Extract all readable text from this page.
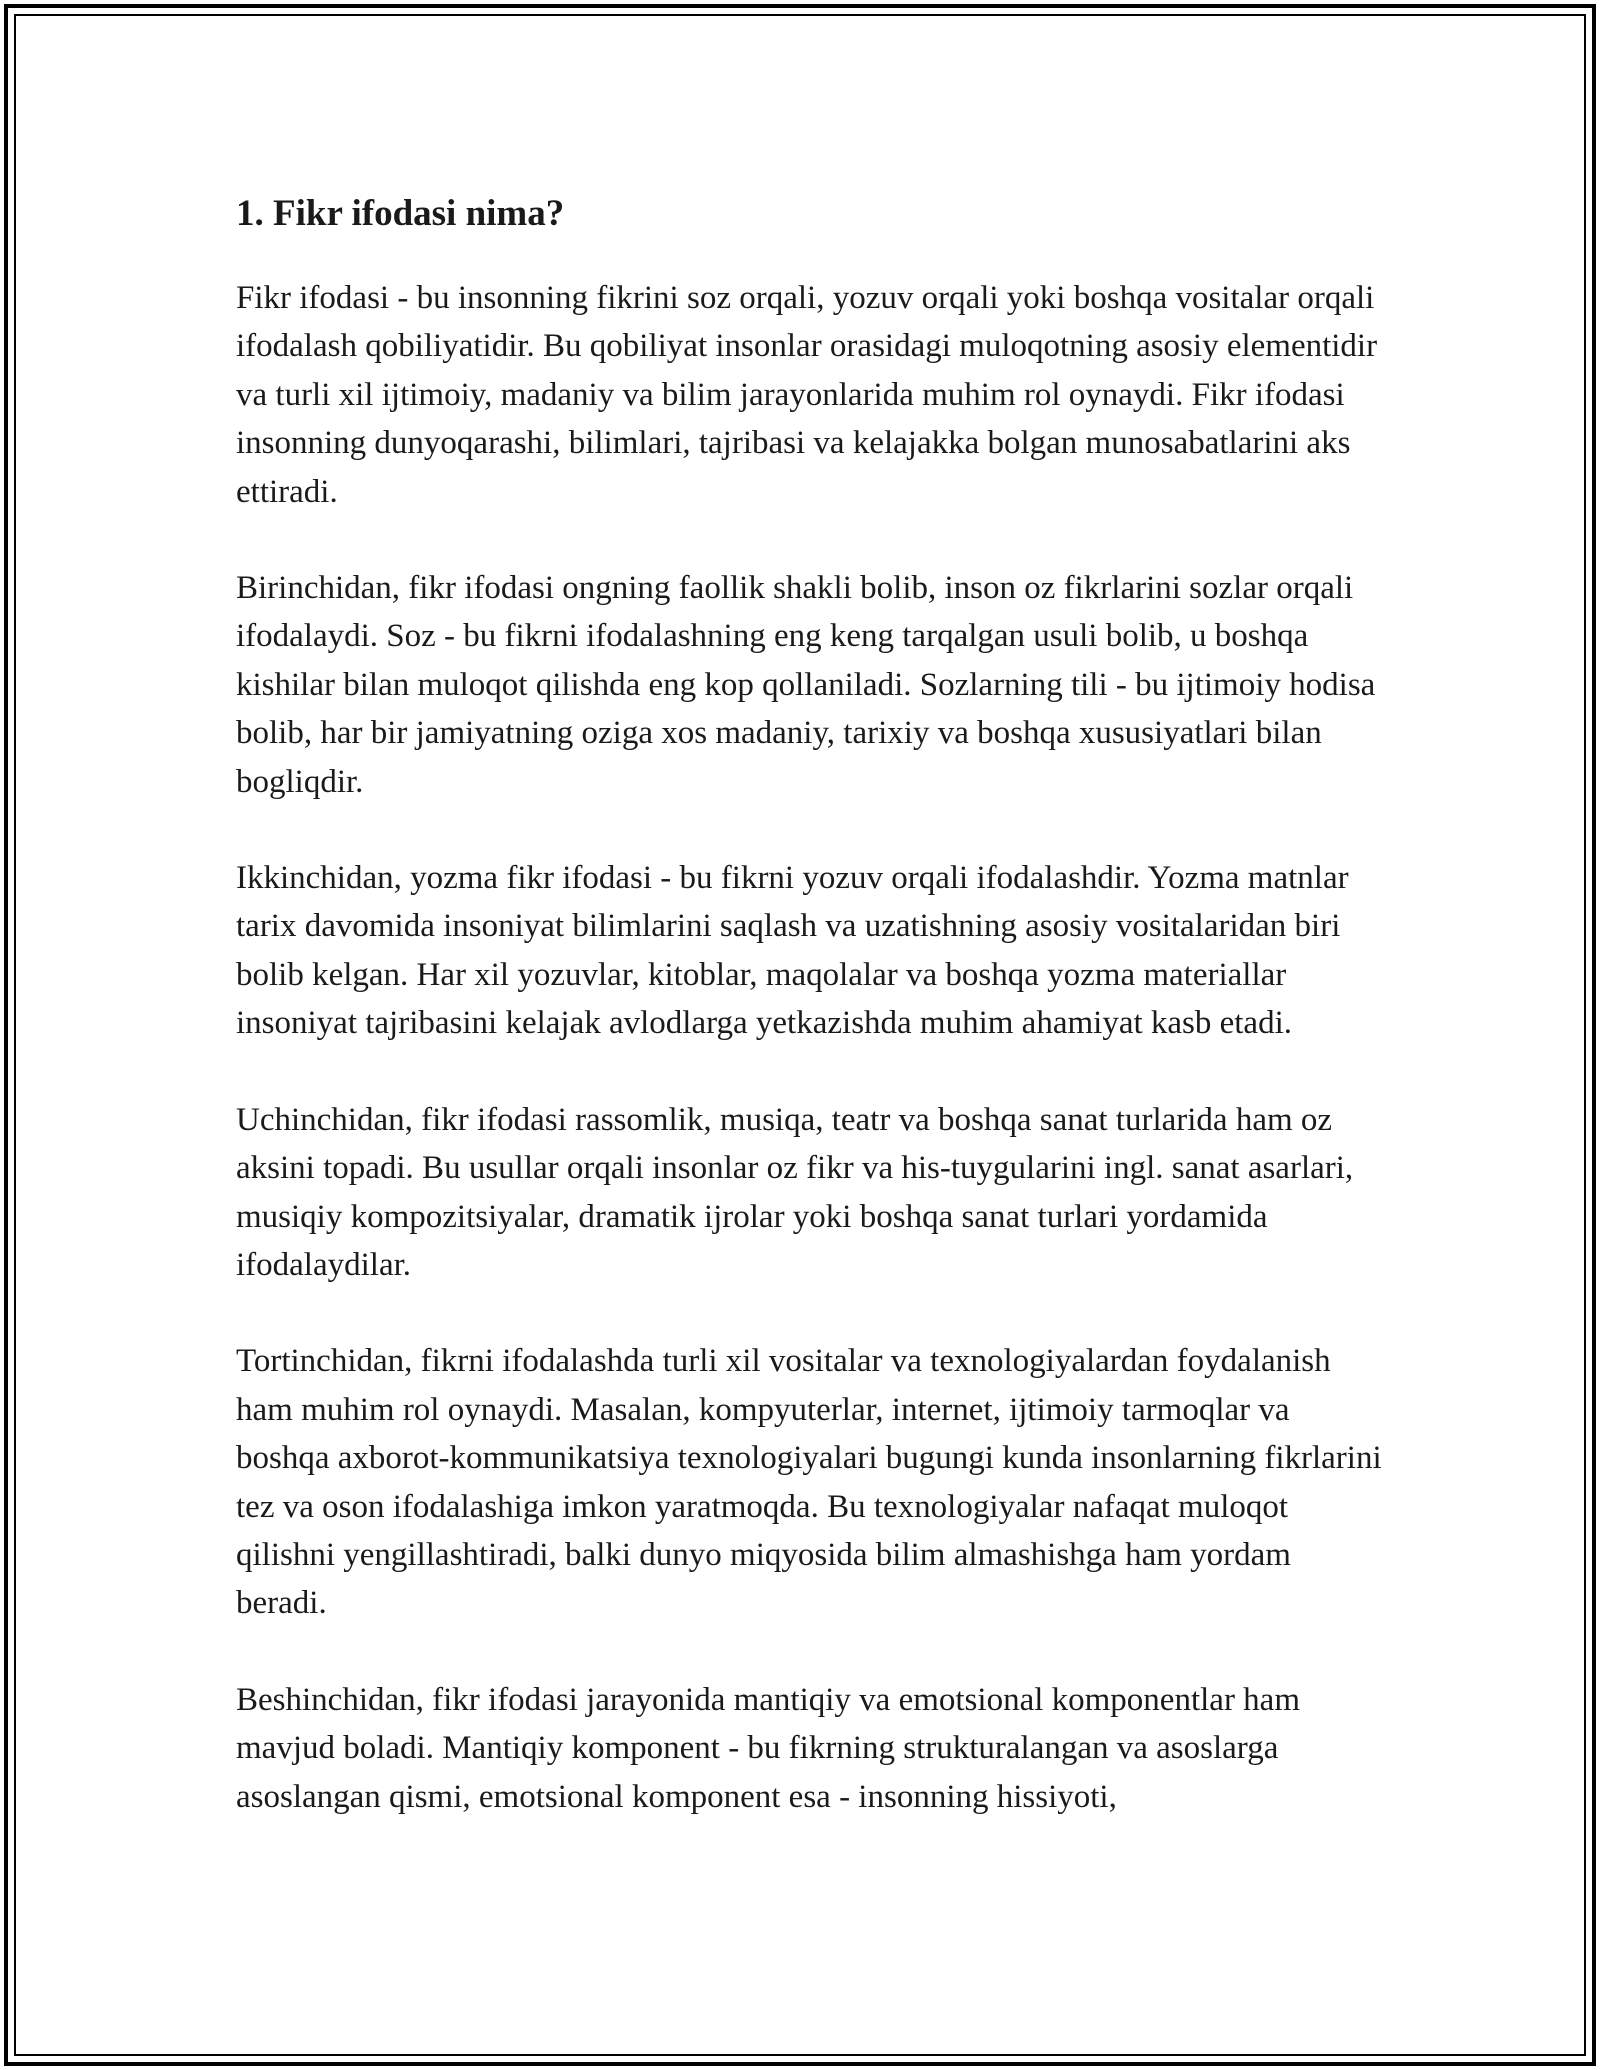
1. Fikr ifodasi nima?

Fikr ifodasi - bu insonning fikrini soz orqali, yozuv orqali yoki boshqa vositalar orqali ifodalash qobiliyatidir. Bu qobiliyat insonlar orasidagi muloqotning asosiy elementidir va turli xil ijtimoiy, madaniy va bilim jarayonlarida muhim rol oynaydi. Fikr ifodasi insonning dunyoqarashi, bilimlari, tajribasi va kelajakka bolgan munosabatlarini aks ettiradi.

Birinchidan, fikr ifodasi ongning faollik shakli bolib, inson oz fikrlarini sozlar orqali ifodalaydi. Soz - bu fikrni ifodalashning eng keng tarqalgan usuli bolib, u boshqa kishilar bilan muloqot qilishda eng kop qollaniladi. Sozlarning tili - bu ijtimoiy hodisa bolib, har bir jamiyatning oziga xos madaniy, tarixiy va boshqa xususiyatlari bilan bogliqdir.

Ikkinchidan, yozma fikr ifodasi - bu fikrni yozuv orqali ifodalashdir. Yozma matnlar tarix davomida insoniyat bilimlarini saqlash va uzatishning asosiy vositalaridan biri bolib kelgan. Har xil yozuvlar, kitoblar, maqolalar va boshqa yozma materiallar insoniyat tajribasini kelajak avlodlarga yetkazishda muhim ahamiyat kasb etadi.

Uchinchidan, fikr ifodasi rassomlik, musiqa, teatr va boshqa sanat turlarida ham oz aksini topadi. Bu usullar orqali insonlar oz fikr va his-tuygularini ingl. sanat asarlari, musiqiy kompozitsiyalar, dramatik ijrolar yoki boshqa sanat turlari yordamida ifodalaydilar.

Tortinchidan, fikrni ifodalashda turli xil vositalar va texnologiyalardan foydalanish ham muhim rol oynaydi. Masalan, kompyuterlar, internet, ijtimoiy tarmoqlar va boshqa axborot-kommunikatsiya texnologiyalari bugungi kunda insonlarning fikrlarini tez va oson ifodalashiga imkon yaratmoqda. Bu texnologiyalar nafaqat muloqot qilishni yengillashtiradi, balki dunyo miqyosida bilim almashishga ham yordam beradi.

Beshinchidan, fikr ifodasi jarayonida mantiqiy va emotsional komponentlar ham mavjud boladi. Mantiqiy komponent - bu fikrning strukturalangan va asoslarga asoslangan qismi, emotsional komponent esa - insonning hissiyoti,
